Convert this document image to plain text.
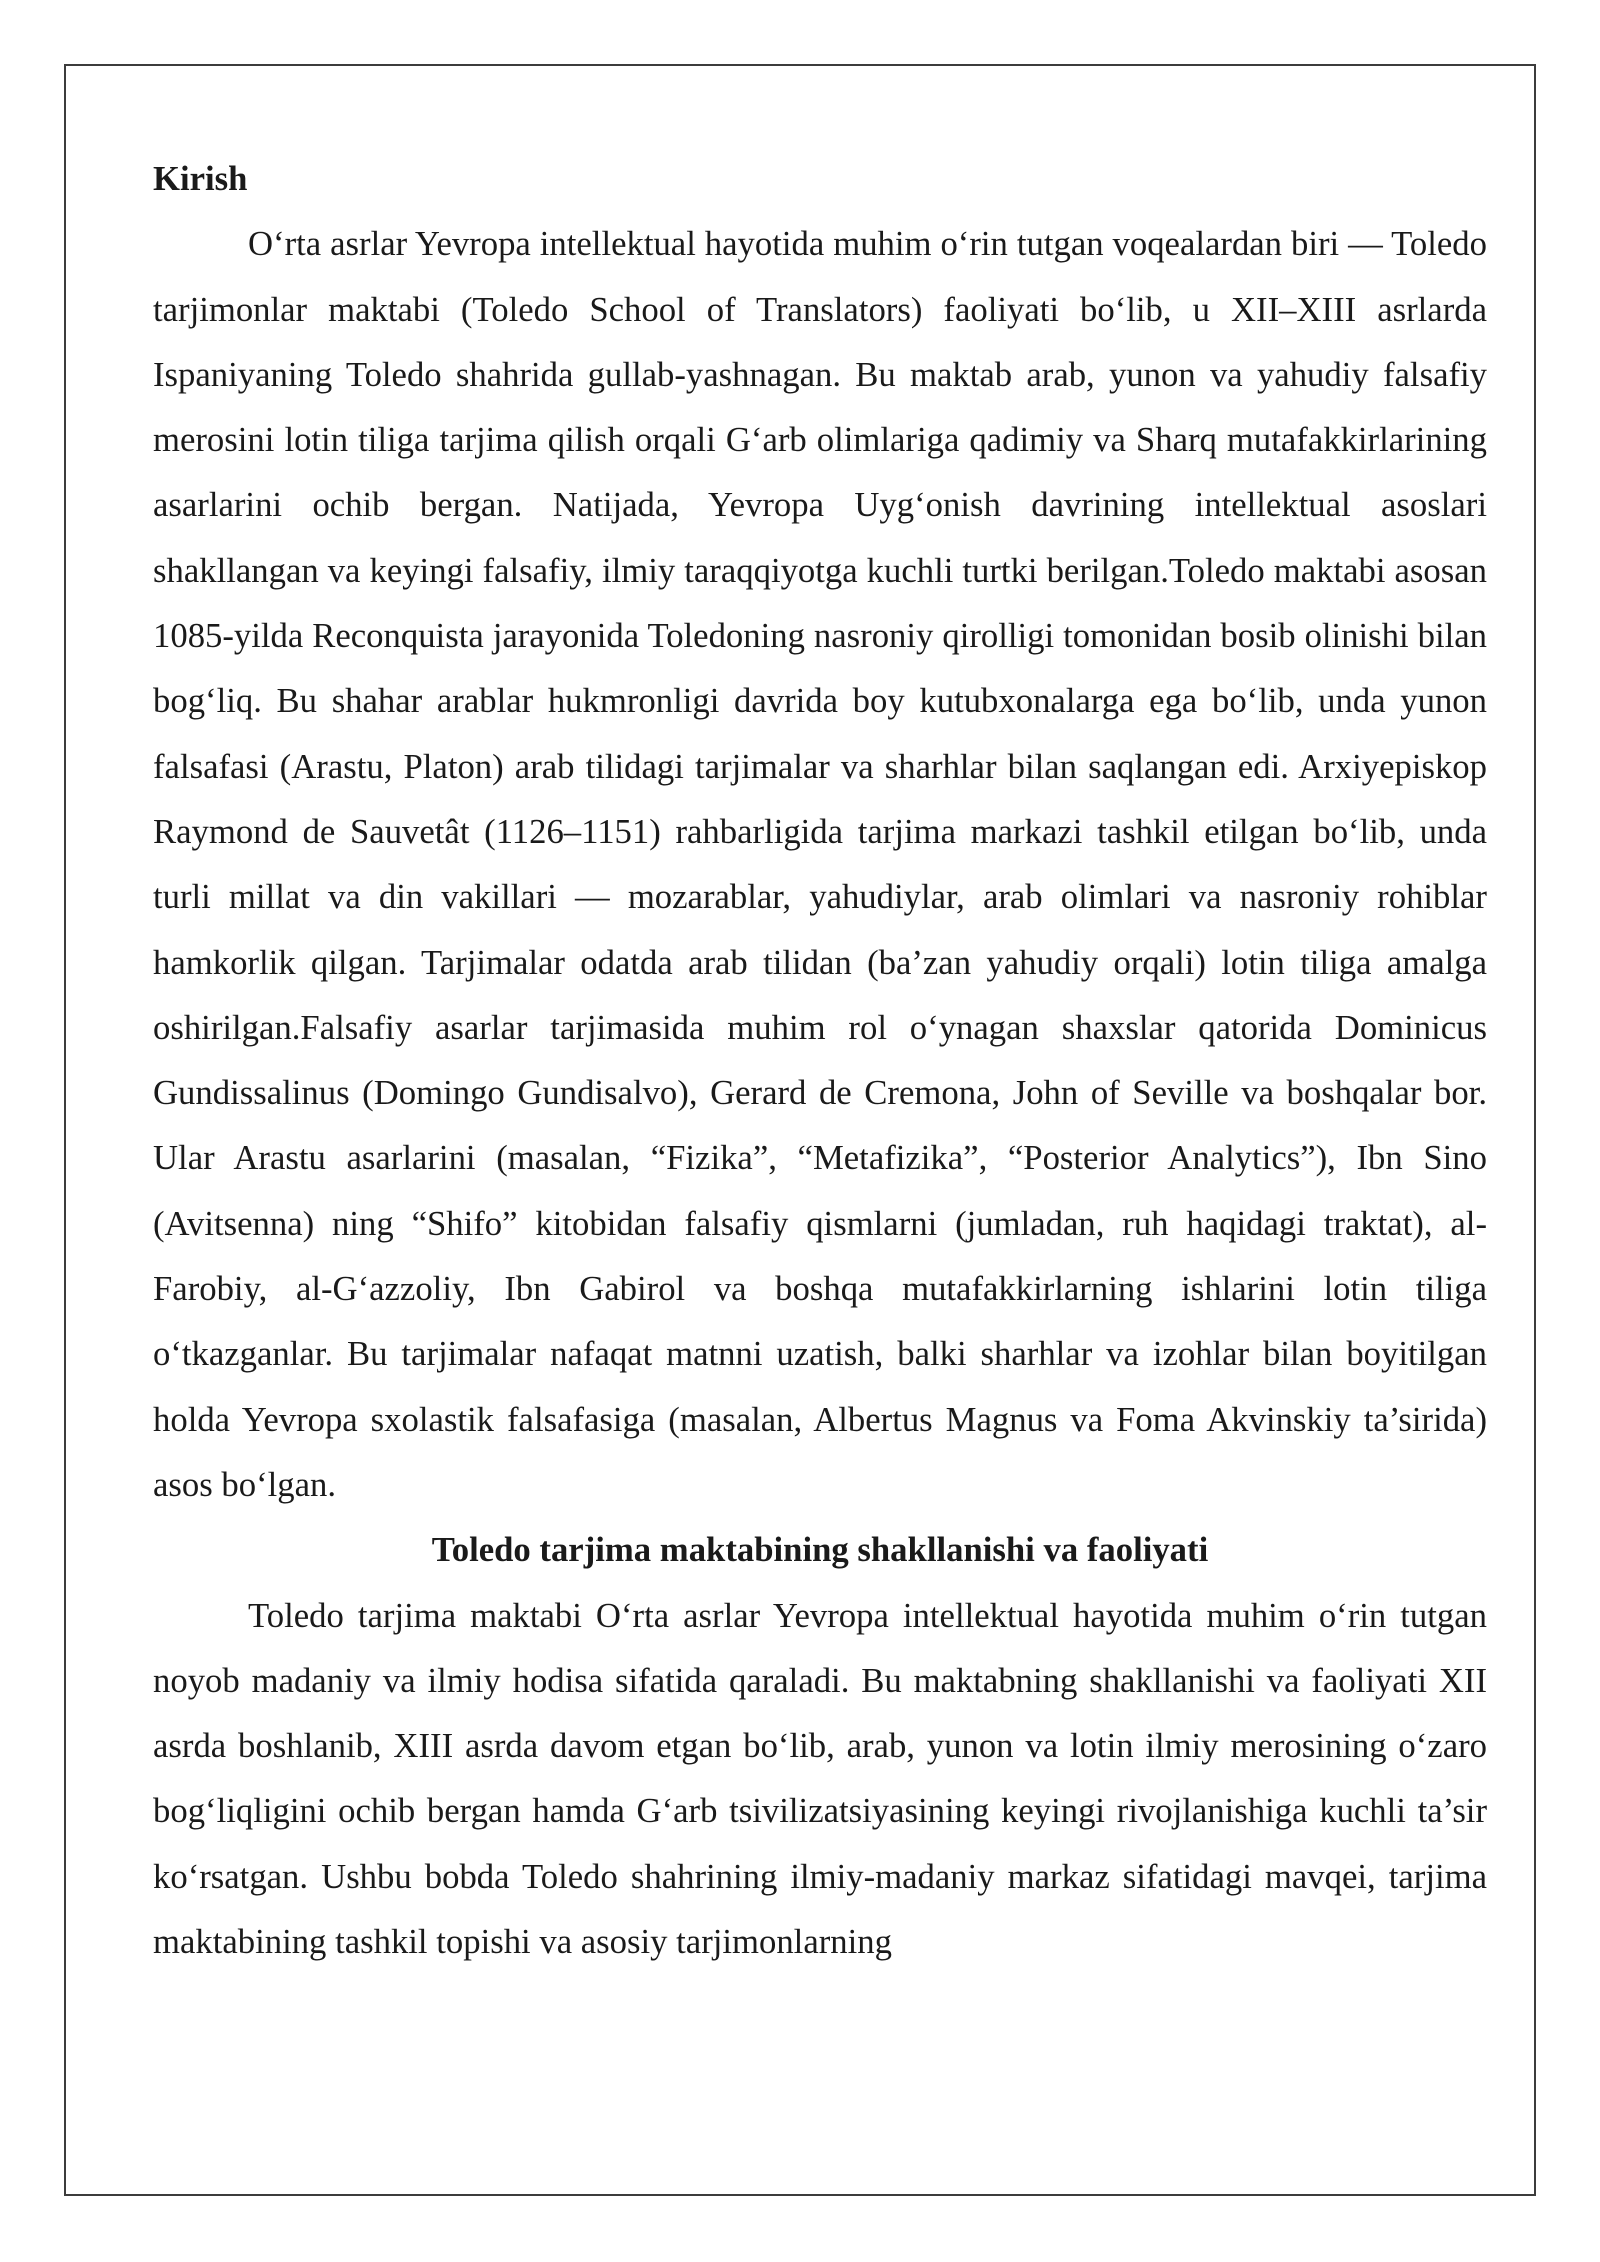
Kirish

O‘rta asrlar Yevropa intellektual hayotida muhim o‘rin tutgan voqealardan biri — Toledo tarjimonlar maktabi (Toledo School of Translators) faoliyati bo‘lib, u XII–XIII asrlarda Ispaniyaning Toledo shahrida gullab-yashnagan. Bu maktab arab, yunon va yahudiy falsafiy merosini lotin tiliga tarjima qilish orqali G‘arb olimlariga qadimiy va Sharq mutafakkirlarining asarlarini ochib bergan. Natijada, Yevropa Uyg‘onish davrining intellektual asoslari shakllangan va keyingi falsafiy, ilmiy taraqqiyotga kuchli turtki berilgan.Toledo maktabi asosan 1085-yilda Reconquista jarayonida Toledoning nasroniy qirolligi tomonidan bosib olinishi bilan bog‘liq. Bu shahar arablar hukmronligi davrida boy kutubxonalarga ega bo‘lib, unda yunon falsafasi (Arastu, Platon) arab tilidagi tarjimalar va sharhlar bilan saqlangan edi. Arxiyepiskop Raymond de Sauvetât (1126–1151) rahbarligida tarjima markazi tashkil etilgan bo‘lib, unda turli millat va din vakillari — mozarablar, yahudiylar, arab olimlari va nasroniy rohiblar hamkorlik qilgan. Tarjimalar odatda arab tilidan (ba’zan yahudiy orqali) lotin tiliga amalga oshirilgan.Falsafiy asarlar tarjimasida muhim rol o‘ynagan shaxslar qatorida Dominicus Gundissalinus (Domingo Gundisalvo), Gerard de Cremona, John of Seville va boshqalar bor. Ular Arastu asarlarini (masalan, “Fizika”, “Metafizika”, “Posterior Analytics”), Ibn Sino (Avitsenna) ning “Shifo” kitobidan falsafiy qismlarni (jumladan, ruh haqidagi traktat), al-Farobiy, al-G‘azzoliy, Ibn Gabirol va boshqa mutafakkirlarning ishlarini lotin tiliga o‘tkazganlar. Bu tarjimalar nafaqat matnni uzatish, balki sharhlar va izohlar bilan boyitilgan holda Yevropa sxolastik falsafasiga (masalan, Albertus Magnus va Foma Akvinskiy ta’sirida) asos bo‘lgan.

Toledo tarjima maktabining shakllanishi va faoliyati

Toledo tarjima maktabi O‘rta asrlar Yevropa intellektual hayotida muhim o‘rin tutgan noyob madaniy va ilmiy hodisa sifatida qaraladi. Bu maktabning shakllanishi va faoliyati XII asrda boshlanib, XIII asrda davom etgan bo‘lib, arab, yunon va lotin ilmiy merosining o‘zaro bog‘liqligini ochib bergan hamda G‘arb tsivilizatsiyasining keyingi rivojlanishiga kuchli ta’sir ko‘rsatgan. Ushbu bobda Toledo shahrining ilmiy-madaniy markaz sifatidagi mavqei, tarjima maktabining tashkil topishi va asosiy tarjimonlarning
